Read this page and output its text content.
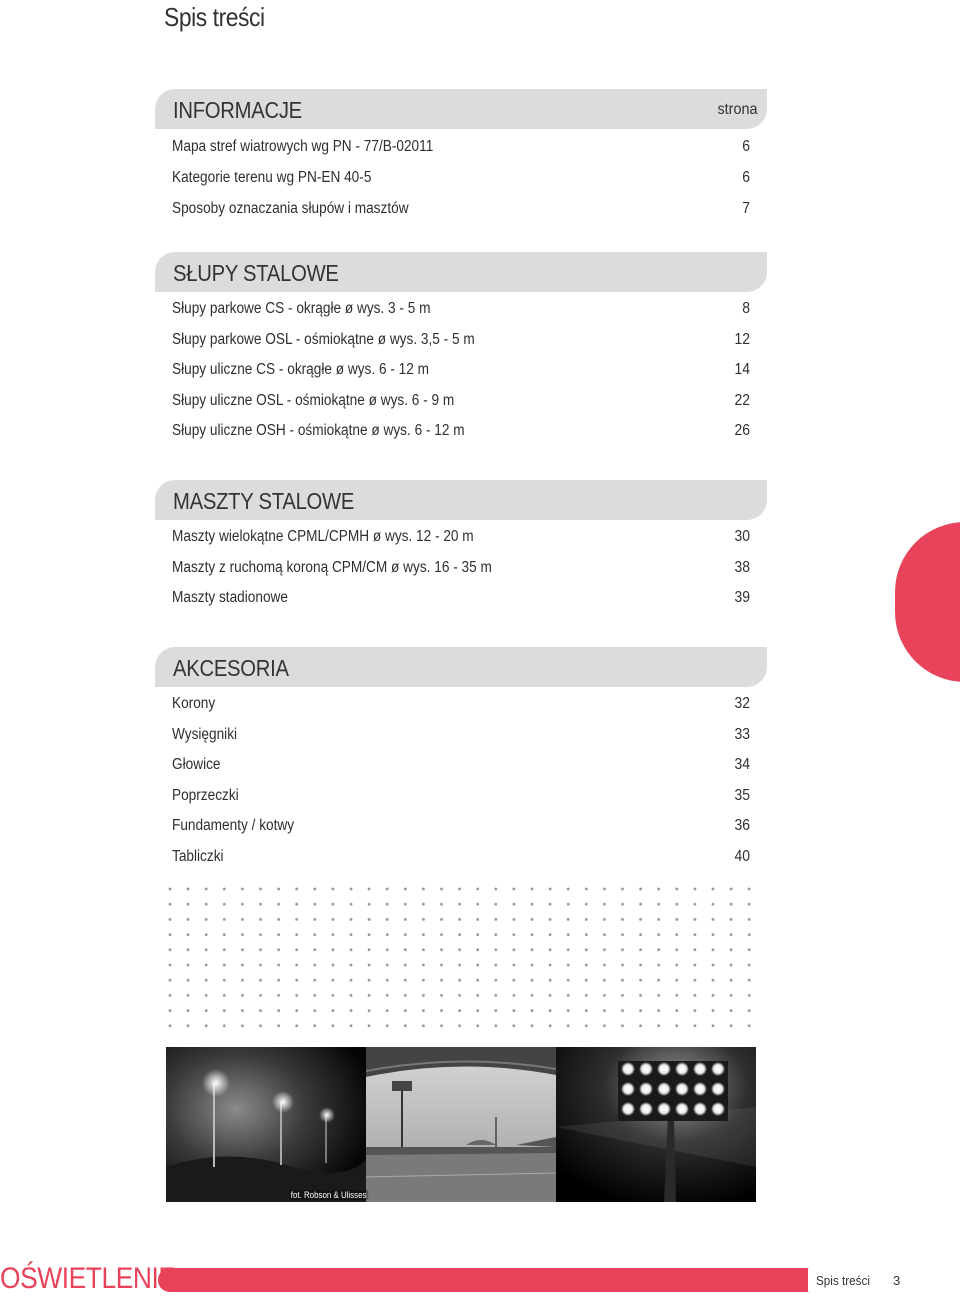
Spis treści
INFORMACJE	strona
Mapa stref wiatrowych wg PN - 77/B-02011	6
Kategorie terenu wg PN-EN 40-5	6
Sposoby oznaczania słupów i masztów	7
SŁUPY STALOWE
Słupy parkowe CS - okrągłe ø wys. 3 - 5 m	8
Słupy parkowe OSL - ośmiokątne ø wys. 3,5 - 5 m	12
Słupy uliczne CS - okrągłe ø wys. 6 - 12 m	14
Słupy uliczne OSL - ośmiokątne ø wys. 6 - 9 m	22
Słupy uliczne OSH - ośmiokątne ø wys. 6 - 12 m	26
MASZTY STALOWE
Maszty wielokątne CPML/CPMH ø wys. 12 - 20 m	30
Maszty z ruchomą koroną CPM/CM ø wys. 16 - 35 m	38
Maszty stadionowe	39
AKCESORIA
Korony	32
Wysięgniki	33
Głowice	34
Poprzeczki	35
Fundamenty / kotwy	36
Tabliczki	40
fot. Robson & Ulisses
OŚWIETLENIE	Spis treści 3
